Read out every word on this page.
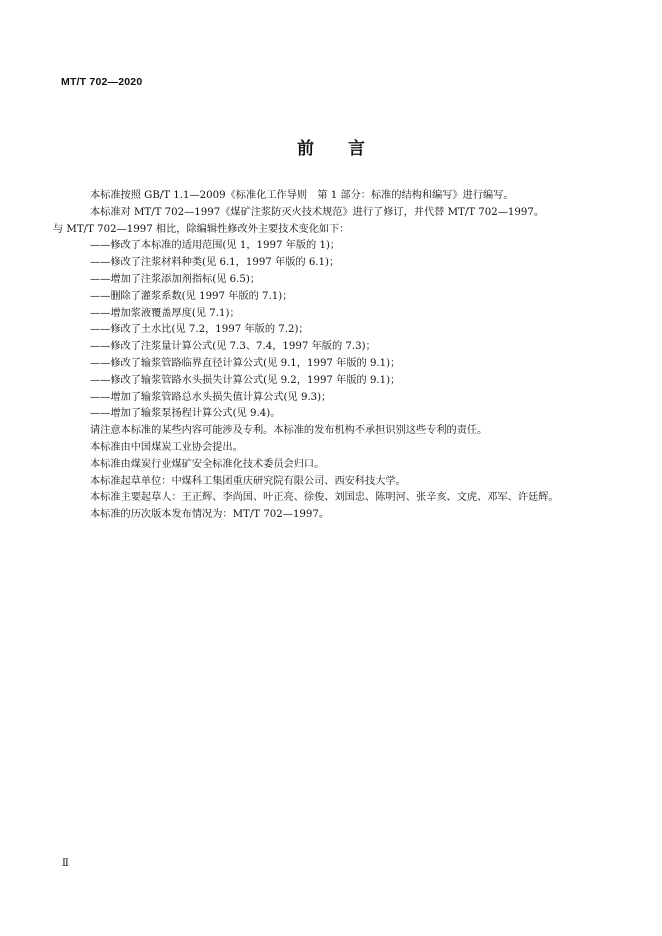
MT/T 702—2020
前　　言
本标准按照 GB/T 1.1—2009《标准化工作导则　第 1 部分：标准的结构和编写》进行编写。
本标准对 MT/T 702—1997《煤矿注浆防灭火技术规范》进行了修订，并代替 MT/T 702—1997。
与 MT/T 702—1997 相比，除编辑性修改外主要技术变化如下：
——修改了本标准的适用范围(见 1，1997 年版的 1)；
——修改了注浆材料种类(见 6.1，1997 年版的 6.1)；
——增加了注浆添加剂指标(见 6.5)；
——删除了灌浆系数(见 1997 年版的 7.1)；
——增加浆液覆盖厚度(见 7.1)；
——修改了土水比(见 7.2，1997 年版的 7.2)；
——修改了注浆量计算公式(见 7.3、7.4，1997 年版的 7.3)；
——修改了输浆管路临界直径计算公式(见 9.1，1997 年版的 9.1)；
——修改了输浆管路水头损失计算公式(见 9.2，1997 年版的 9.1)；
——增加了输浆管路总水头损失值计算公式(见 9.3)；
——增加了输浆泵扬程计算公式(见 9.4)。
请注意本标准的某些内容可能涉及专利。本标准的发布机构不承担识别这些专利的责任。
本标准由中国煤炭工业协会提出。
本标准由煤炭行业煤矿安全标准化技术委员会归口。
本标准起草单位：中煤科工集团重庆研究院有限公司、西安科技大学。
本标准主要起草人：王正辉、李尚国、叶正亮、徐俊、刘国忠、陈明河、张辛亥、文虎、邓军、许廷辉。
本标准的历次版本发布情况为：MT/T 702—1997。
Ⅱ
